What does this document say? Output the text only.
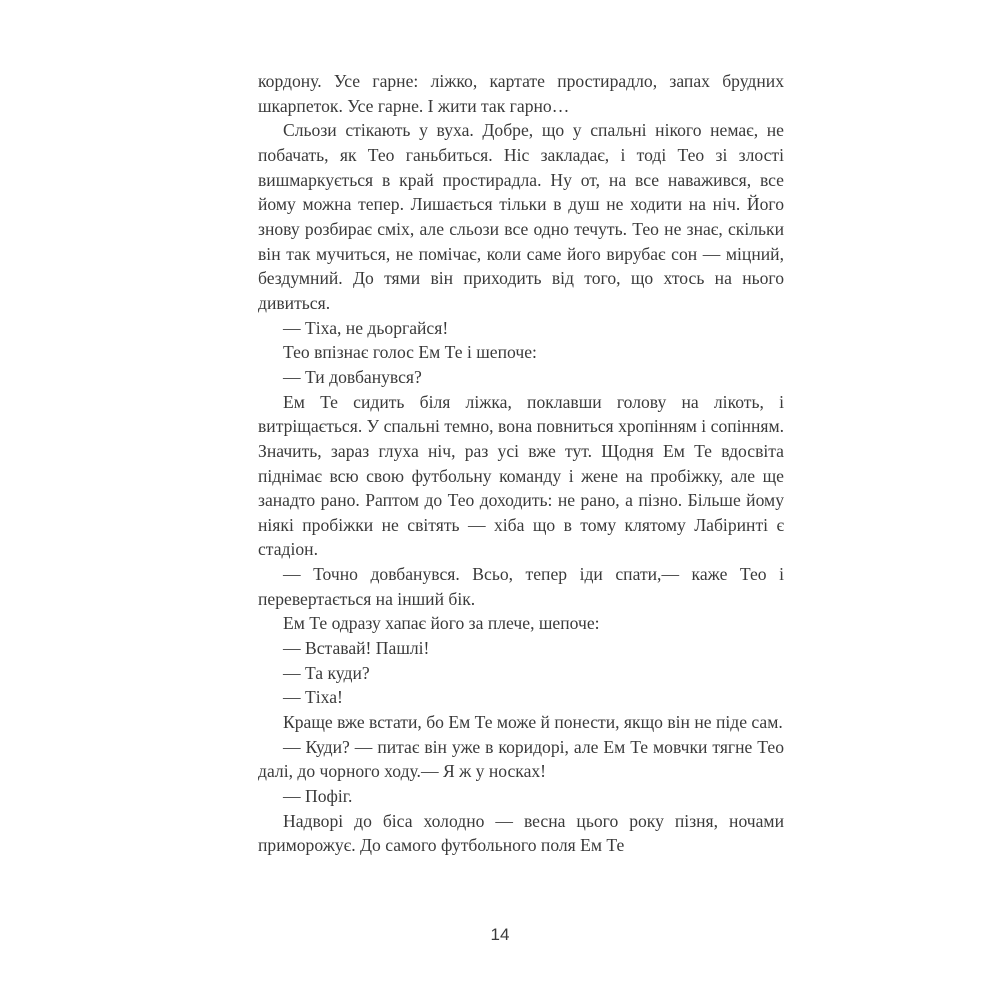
кордону. Усе гарне: ліжко, картате простирадло, запах брудних шкарпеток. Усе гарне. І жити так гарно…

Сльози стікають у вуха. Добре, що у спальні нікого немає, не побачать, як Тео ганьбиться. Ніс закладає, і тоді Тео зі злості вишмаркується в край простирадла. Ну от, на все наважився, все йому можна тепер. Лишається тільки в душ не ходити на ніч. Його знову розбирає сміх, але сльози все одно течуть. Тео не знає, скільки він так мучиться, не помічає, коли саме його вирубає сон — міцний, бездумний. До тями він приходить від того, що хтось на нього дивиться.

— Тіха, не дьоргайся!

Тео впізнає голос Ем Те і шепоче:

— Ти довбанувся?

Ем Те сидить біля ліжка, поклавши голову на лікоть, і витріщається. У спальні темно, вона повниться хропінням і сопінням. Значить, зараз глуха ніч, раз усі вже тут. Щодня Ем Те вдосвіта піднімає всю свою футбольну команду і жене на пробіжку, але ще занадто рано. Раптом до Тео доходить: не рано, а пізно. Більше йому ніякі пробіжки не світять — хіба що в тому клятому Лабіринті є стадіон.

— Точно довбанувся. Всьо, тепер іди спати,— каже Тео і перевертається на інший бік.

Ем Те одразу хапає його за плече, шепоче:

— Вставай! Пашлі!

— Та куди?

— Тіха!

Краще вже встати, бо Ем Те може й понести, якщо він не піде сам.

— Куди? — питає він уже в коридорі, але Ем Те мовчки тягне Тео далі, до чорного ходу.— Я ж у носках!

— Пофіг.

Надворі до біса холодно — весна цього року пізня, ночами приморожує. До самого футбольного поля Ем Те

14
